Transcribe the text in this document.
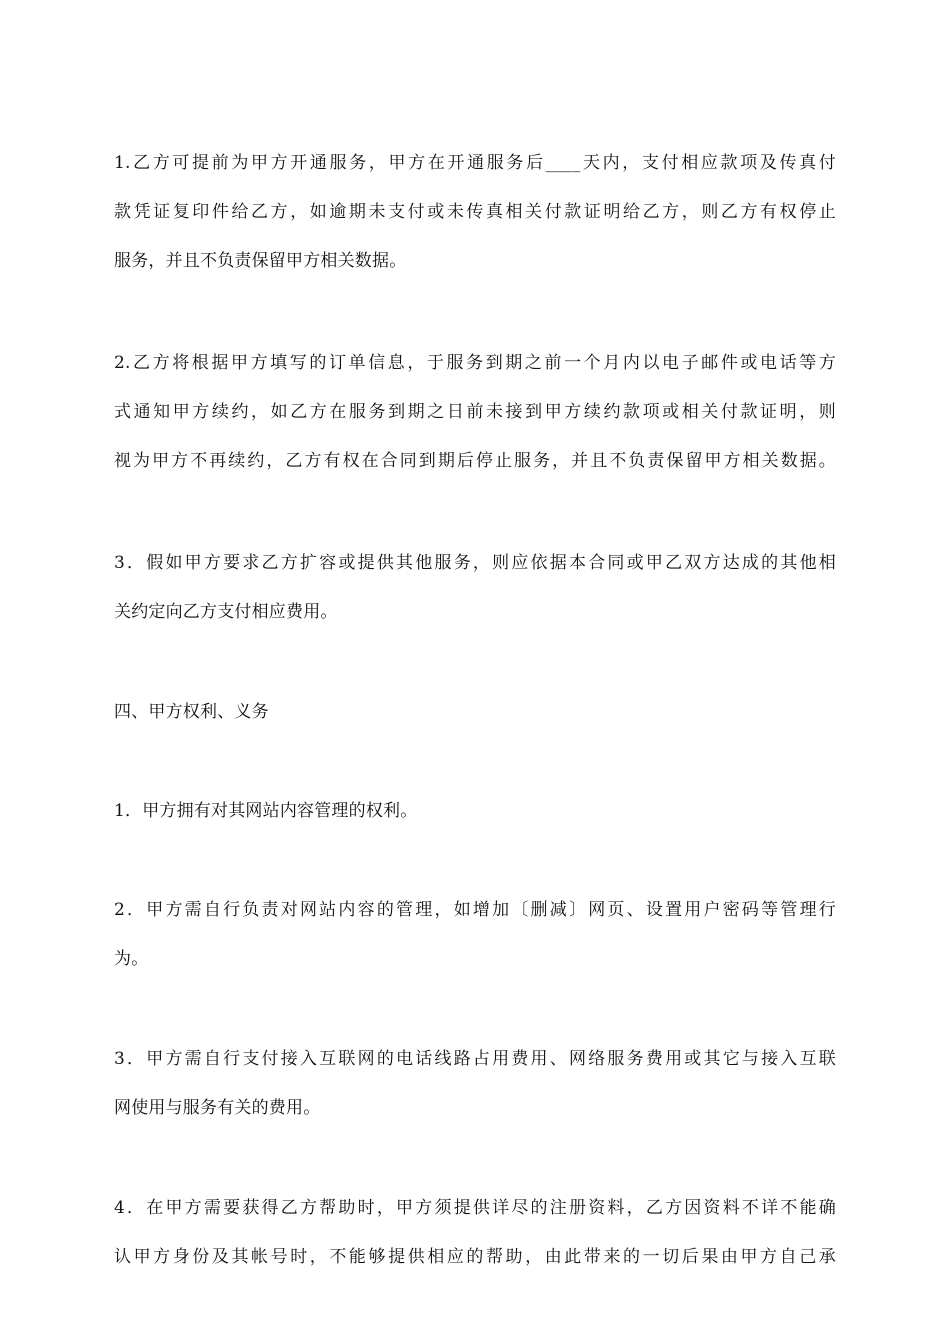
1.乙方可提前为甲方开通服务，甲方在开通服务后____天内，支付相应款项及传真付
款凭证复印件给乙方，如逾期未支付或未传真相关付款证明给乙方，则乙方有权停止
服务，并且不负责保留甲方相关数据。
2.乙方将根据甲方填写的订单信息，于服务到期之前一个月内以电子邮件或电话等方
式通知甲方续约，如乙方在服务到期之日前未接到甲方续约款项或相关付款证明，则
视为甲方不再续约，乙方有权在合同到期后停止服务，并且不负责保留甲方相关数据。
3．假如甲方要求乙方扩容或提供其他服务，则应依据本合同或甲乙双方达成的其他相
关约定向乙方支付相应费用。
四、甲方权利、义务
1．甲方拥有对其网站内容管理的权利。
2．甲方需自行负责对网站内容的管理，如增加〔删减〕网页、设置用户密码等管理行
为。
3．甲方需自行支付接入互联网的电话线路占用费用、网络服务费用或其它与接入互联
网使用与服务有关的费用。
4．在甲方需要获得乙方帮助时，甲方须提供详尽的注册资料，乙方因资料不详不能确
认甲方身份及其帐号时，不能够提供相应的帮助，由此带来的一切后果由甲方自己承
